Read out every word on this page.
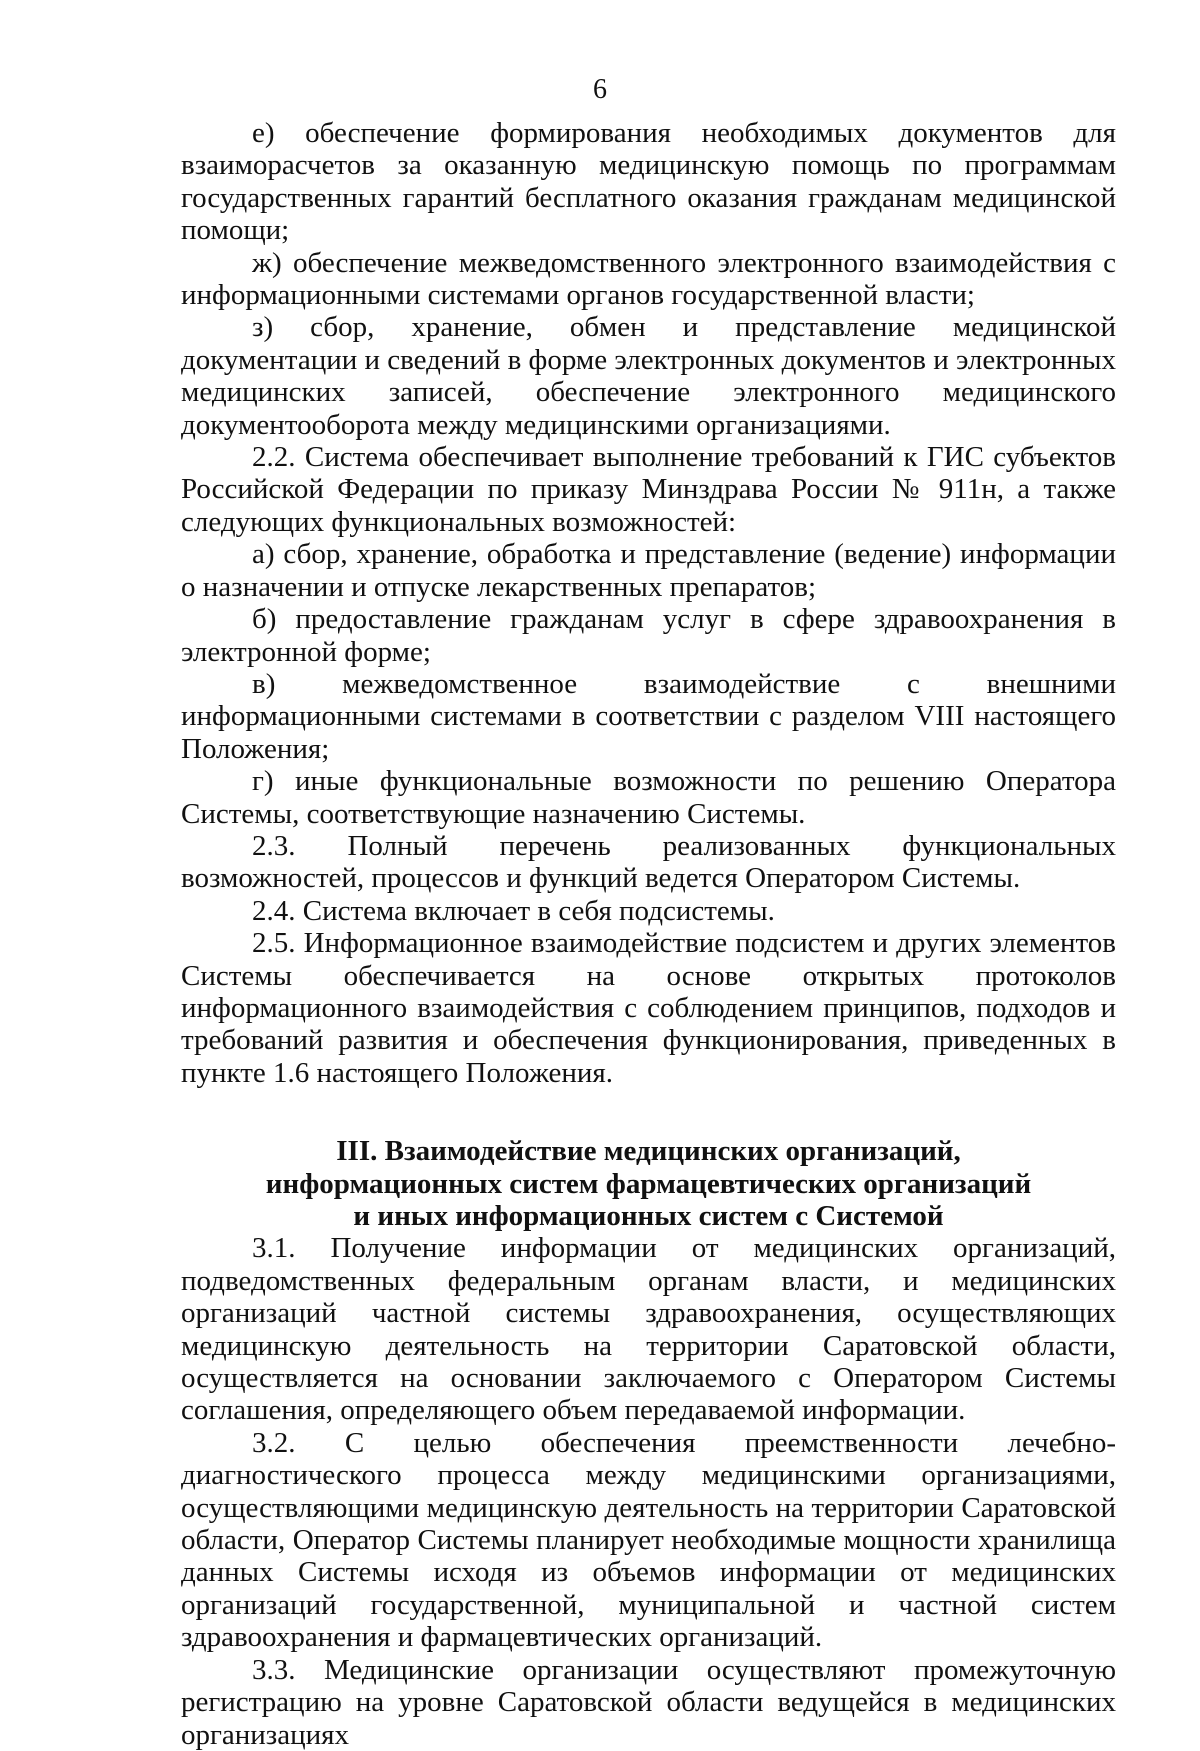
6

е) обеспечение формирования необходимых документов для взаиморасчетов за оказанную медицинскую помощь по программам государственных гарантий бесплатного оказания гражданам медицинской помощи;

ж) обеспечение межведомственного электронного взаимодействия с информационными системами органов государственной власти;

з) сбор, хранение, обмен и представление медицинской документации и сведений в форме электронных документов и электронных медицинских записей, обеспечение электронного медицинского документооборота между медицинскими организациями.

2.2. Система обеспечивает выполнение требований к ГИС субъектов Российской Федерации по приказу Минздрава России № 911н, а также следующих функциональных возможностей:

а) сбор, хранение, обработка и представление (ведение) информации о назначении и отпуске лекарственных препаратов;

б) предоставление гражданам услуг в сфере здравоохранения в электронной форме;

в) межведомственное взаимодействие с внешними информационными системами в соответствии с разделом VIII настоящего Положения;

г) иные функциональные возможности по решению Оператора Системы, соответствующие назначению Системы.

2.3. Полный перечень реализованных функциональных возможностей, процессов и функций ведется Оператором Системы.

2.4. Система включает в себя подсистемы.

2.5. Информационное взаимодействие подсистем и других элементов Системы обеспечивается на основе открытых протоколов информационного взаимодействия с соблюдением принципов, подходов и требований развития и обеспечения функционирования, приведенных в пункте 1.6 настоящего Положения.

III. Взаимодействие медицинских организаций,
информационных систем фармацевтических организаций
и иных информационных систем с Системой

3.1. Получение информации от медицинских организаций, подведомственных федеральным органам власти, и медицинских организаций частной системы здравоохранения, осуществляющих медицинскую деятельность на территории Саратовской области, осуществляется на основании заключаемого с Оператором Системы соглашения, определяющего объем передаваемой информации.

3.2. С целью обеспечения преемственности лечебно-диагностического процесса между медицинскими организациями, осуществляющими медицинскую деятельность на территории Саратовской области, Оператор Системы планирует необходимые мощности хранилища данных Системы исходя из объемов информации от медицинских организаций государственной, муниципальной и частной систем здравоохранения и фармацевтических организаций.

3.3. Медицинские организации осуществляют промежуточную регистрацию на уровне Саратовской области ведущейся в медицинских организациях
